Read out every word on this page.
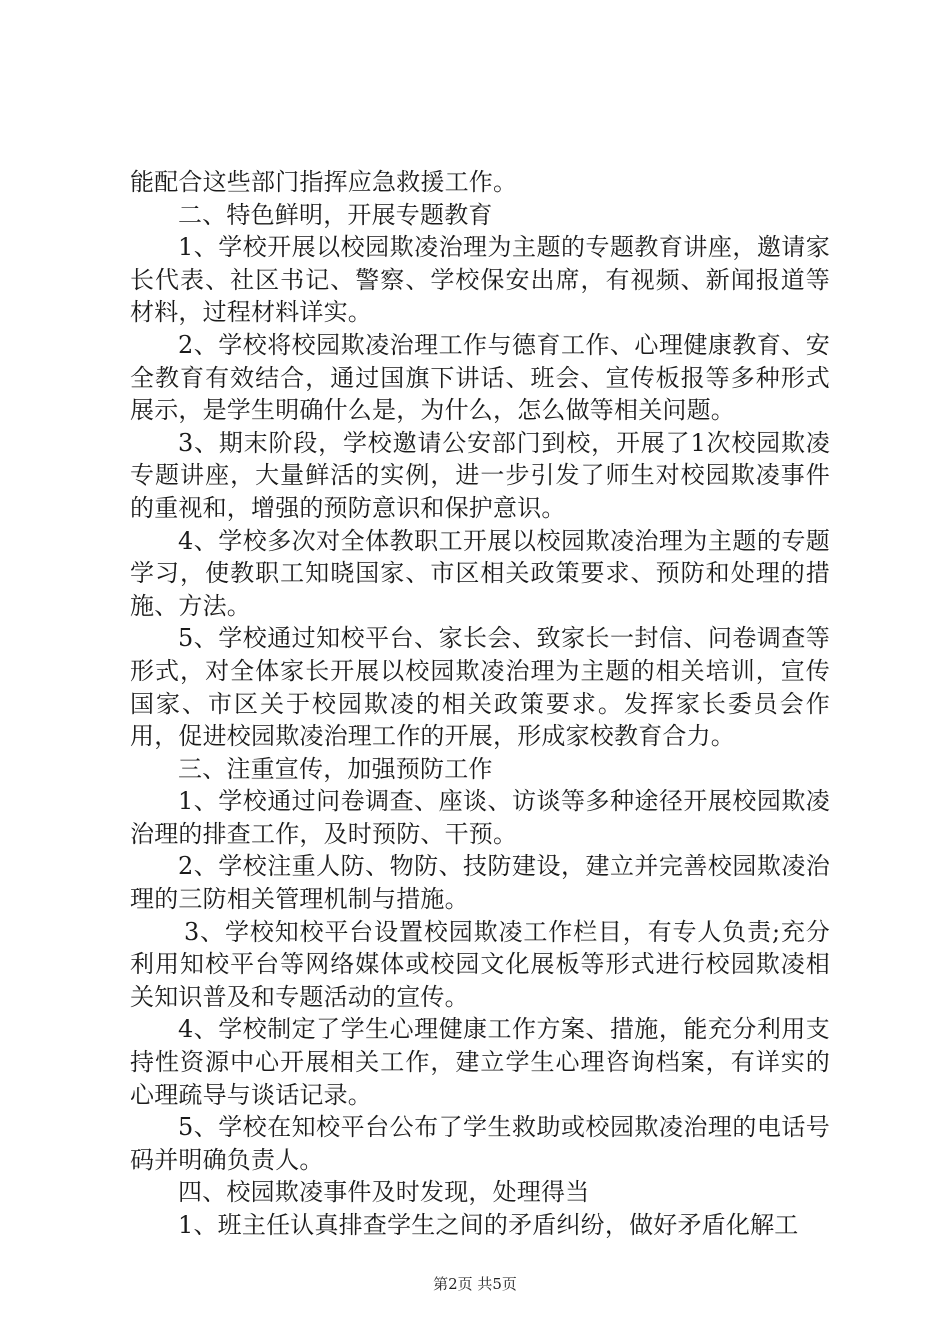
能配合这些部门指挥应急救援工作。

二、特色鲜明，开展专题教育

1、学校开展以校园欺凌治理为主题的专题教育讲座，邀请家长代表、社区书记、警察、学校保安出席，有视频、新闻报道等材料，过程材料详实。

2、学校将校园欺凌治理工作与德育工作、心理健康教育、安全教育有效结合，通过国旗下讲话、班会、宣传板报等多种形式展示，是学生明确什么是，为什么，怎么做等相关问题。

3、期末阶段，学校邀请公安部门到校，开展了1次校园欺凌专题讲座，大量鲜活的实例，进一步引发了师生对校园欺凌事件的重视和，增强的预防意识和保护意识。

4、学校多次对全体教职工开展以校园欺凌治理为主题的专题学习，使教职工知晓国家、市区相关政策要求、预防和处理的措施、方法。

5、学校通过知校平台、家长会、致家长一封信、问卷调查等形式，对全体家长开展以校园欺凌治理为主题的相关培训，宣传国家、市区关于校园欺凌的相关政策要求。发挥家长委员会作用，促进校园欺凌治理工作的开展，形成家校教育合力。

三、注重宣传，加强预防工作

1、学校通过问卷调查、座谈、访谈等多种途径开展校园欺凌治理的排查工作，及时预防、干预。

2、学校注重人防、物防、技防建设，建立并完善校园欺凌治理的三防相关管理机制与措施。

3、学校知校平台设置校园欺凌工作栏目，有专人负责;充分利用知校平台等网络媒体或校园文化展板等形式进行校园欺凌相关知识普及和专题活动的宣传。

4、学校制定了学生心理健康工作方案、措施，能充分利用支持性资源中心开展相关工作，建立学生心理咨询档案，有详实的心理疏导与谈话记录。

5、学校在知校平台公布了学生救助或校园欺凌治理的电话号码并明确负责人。

四、校园欺凌事件及时发现，处理得当

1、班主任认真排查学生之间的矛盾纠纷，做好矛盾化解工

第2页 共5页
